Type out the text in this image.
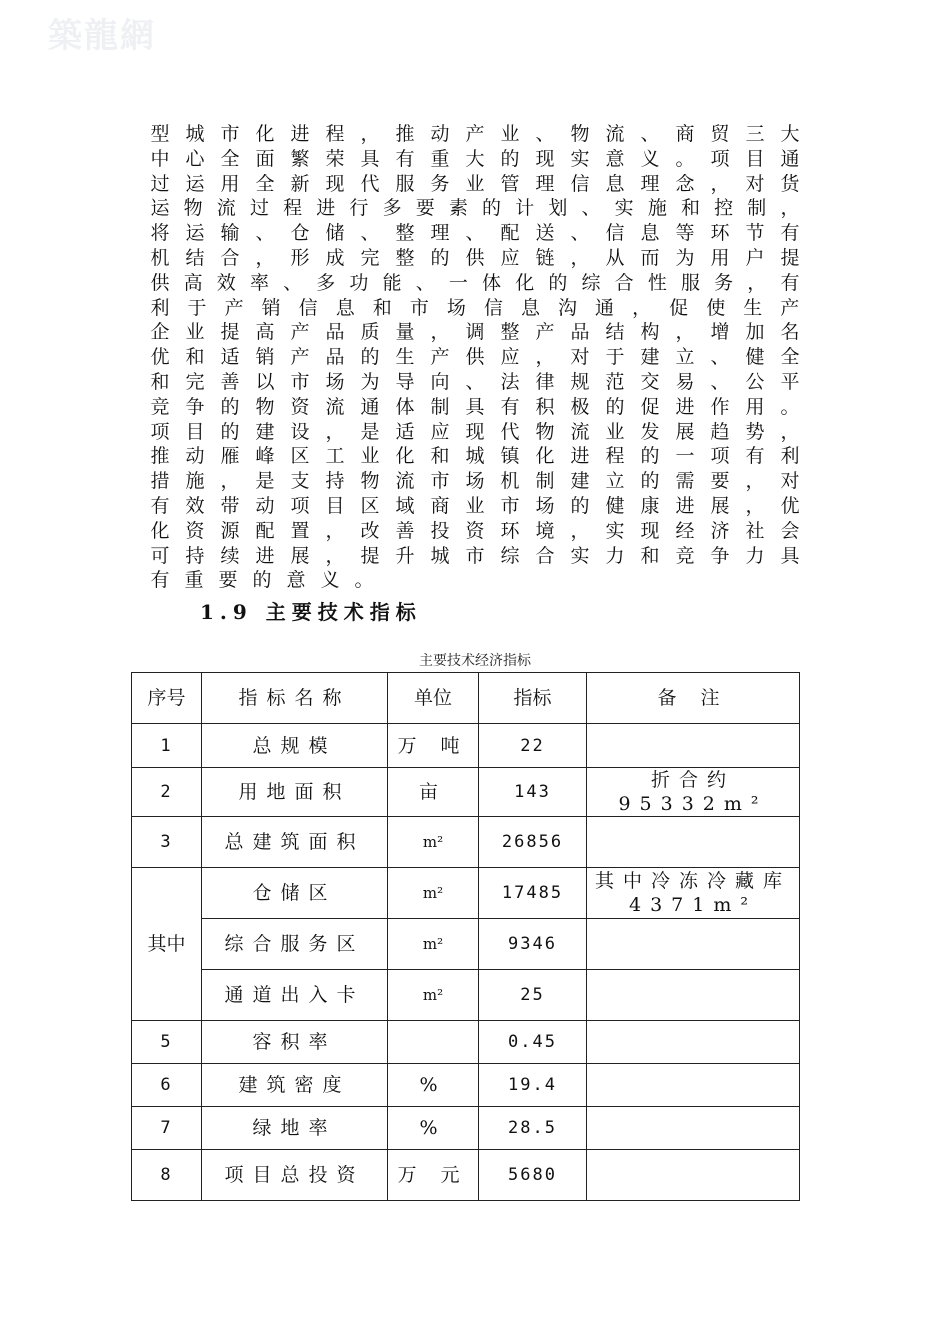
築龍網
型 城 市 化 进 程 ， 推 动 产 业 、 物 流 、 商 贸 三 大
中 心 全 面 繁 荣 具 有 重 大 的 现 实 意 义 。 项 目 通
过 运 用 全 新 现 代 服 务 业 管 理 信 息 理 念 ， 对 货
运 物 流 过 程 进 行 多 要 素 的 计 划 、 实 施 和 控 制 ，
将 运 输 、 仓 储 、 整 理 、 配 送 、 信 息 等 环 节 有
机 结 合 ， 形 成 完 整 的 供 应 链 ， 从 而 为 用 户 提
供 高 效 率 、 多 功 能 、 一 体 化 的 综 合 性 服 务 ， 有
利 于 产 销 信 息 和 市 场 信 息 沟 通 ， 促 使 生 产
企 业 提 高 产 品 质 量 ， 调 整 产 品 结 构 ， 增 加 名
优 和 适 销 产 品 的 生 产 供 应 ， 对 于 建 立 、 健 全
和 完 善 以 市 场 为 导 向 、 法 律 规 范 交 易 、 公 平
竞 争 的 物 资 流 通 体 制 具 有 积 极 的 促 进 作 用 。
项 目 的 建 设 ， 是 适 应 现 代 物 流 业 发 展 趋 势 ，
推 动 雁 峰 区 工 业 化 和 城 镇 化 进 程 的 一 项 有 利
措 施 ， 是 支 持 物 流 市 场 机 制 建 立 的 需 要 ， 对
有 效 带 动 项 目 区 域 商 业 市 场 的 健 康 进 展 ， 优
化 资 源 配 置 ， 改 善 投 资 环 境 ， 实 现 经 济 社 会
可 持 续 进 展 ， 提 升 城 市 综 合 实 力 和 竞 争 力 具
有 重 要 的 意 义 。
1.9 主要技术指标
主要技术经济指标
序号	指标名称	单位	指标	备 注
1	总规模	万 吨	22	
2	用地面积	亩	143	折合约95332m²
3	总建筑面积	m²	26856	
其中	仓储区	m²	17485	其中冷冻冷藏库4371m²
	综合服务区	m²	9346	
	通道出入卡	m²	25	
5	容积率		0.45	
6	建筑密度	%	19.4	
7	绿地率	%	28.5	
8	项目总投资	万 元	5680	
